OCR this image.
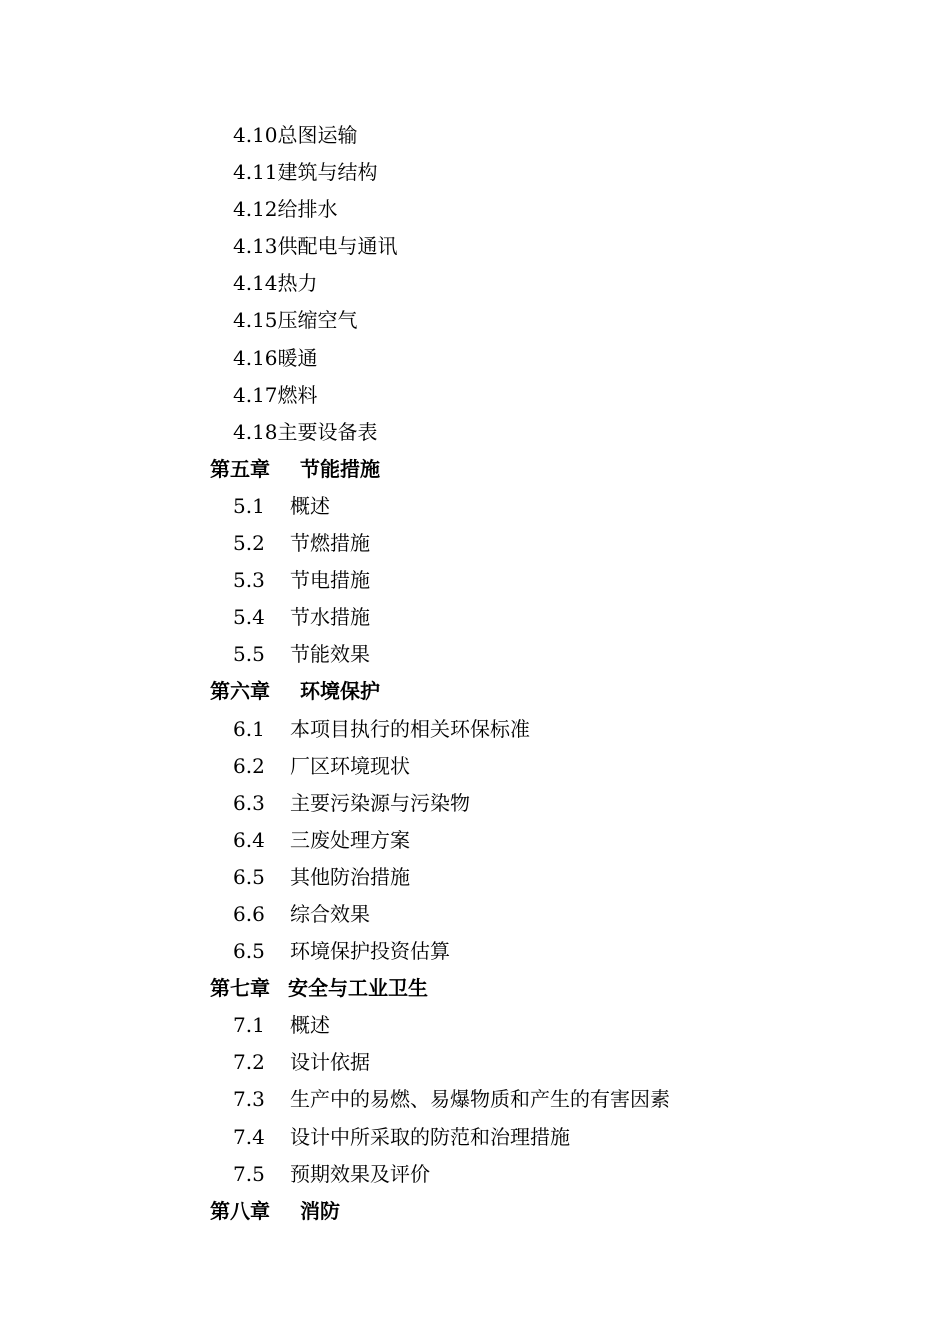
4.10总图运输
4.11建筑与结构
4.12给排水
4.13供配电与通讯
4.14热力
4.15压缩空气
4.16暖通
4.17燃料
4.18主要设备表
第五章 节能措施
5.1 概述
5.2 节燃措施
5.3 节电措施
5.4 节水措施
5.5 节能效果
第六章 环境保护
6.1 本项目执行的相关环保标准
6.2 厂区环境现状
6.3 主要污染源与污染物
6.4 三废处理方案
6.5 其他防治措施
6.6 综合效果
6.5 环境保护投资估算
第七章 安全与工业卫生
7.1 概述
7.2 设计依据
7.3 生产中的易燃、易爆物质和产生的有害因素
7.4 设计中所采取的防范和治理措施
7.5 预期效果及评价
第八章 消防
